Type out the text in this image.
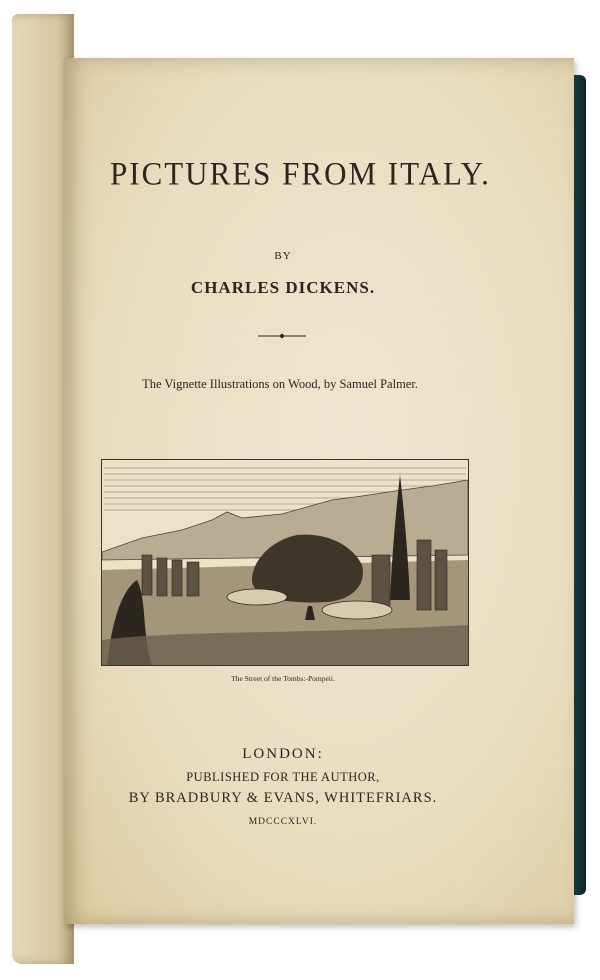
PICTURES FROM ITALY.
BY
CHARLES DICKENS.
The Vignette Illustrations on Wood, by Samuel Palmer.
The Street of the Tombs:-Pompeii.
LONDON:
PUBLISHED FOR THE AUTHOR,
BY BRADBURY & EVANS, WHITEFRIARS.
MDCCCXLVI.
